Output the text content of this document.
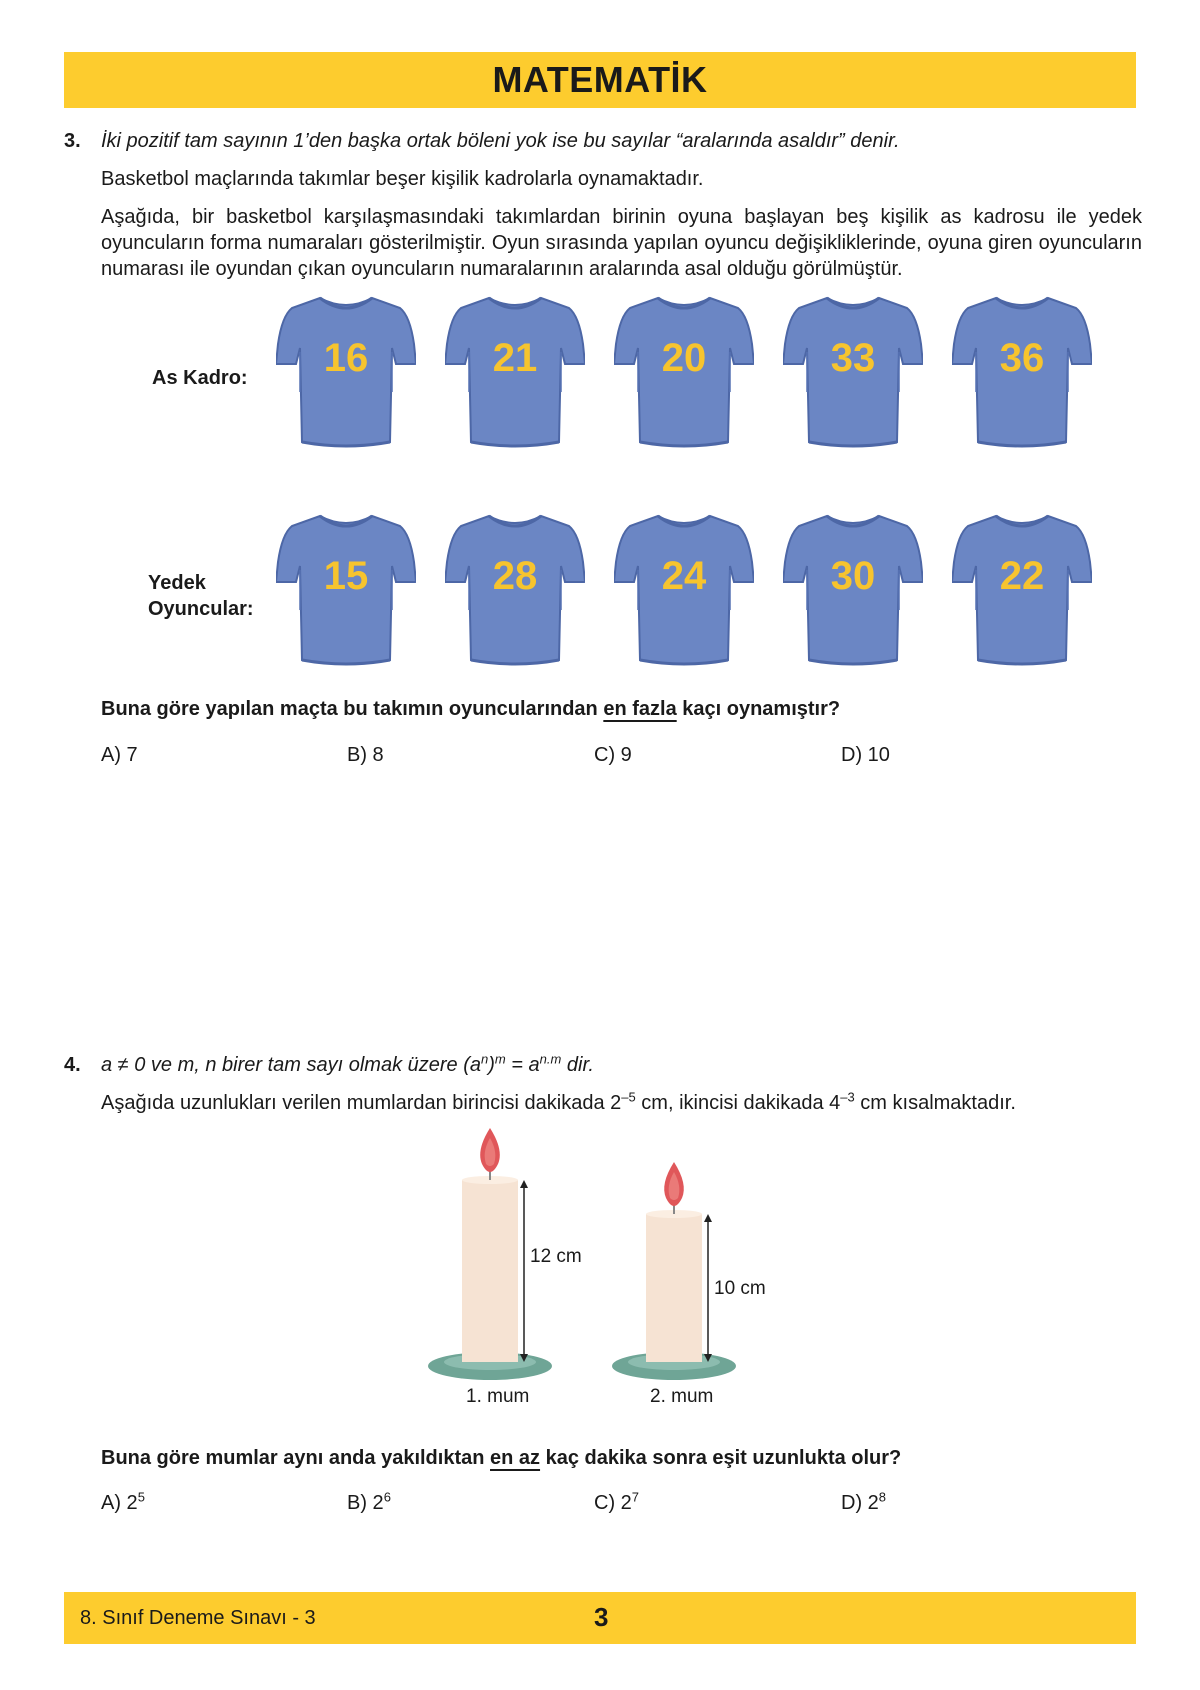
MATEMATİK
3. İki pozitif tam sayının 1’den başka ortak böleni yok ise bu sayılar “aralarında asaldır” denir.

Basketbol maçlarında takımlar beşer kişilik kadrolarla oynamaktadır.

Aşağıda, bir basketbol karşılaşmasındaki takımlardan birinin oyuna başlayan beş kişilik as kadrosu ile yedek oyuncuların forma numaraları gösterilmiştir. Oyun sırasında yapılan oyuncu değişikliklerinde, oyuna giren oyuncuların numarası ile oyundan çıkan oyuncuların numaralarının aralarında asal olduğu görülmüştür.

As Kadro:
Yedek
Oyuncular:
16	21	20	33	36
15	28	24	30	22
Buna göre yapılan maçta bu takımın oyuncularından en fazla kaçı oynamıştır?
A) 7	B) 8	C) 9	D) 10
4. a ≠ 0 ve m, n birer tam sayı olmak üzere $(a^n)^m = a^{n.m}$ dir.

Aşağıda uzunlukları verilen mumlardan birincisi dakikada $2^{-5}$ cm, ikincisi dakikada $4^{-3}$ cm kısalmaktadır.

12 cm
10 cm
1. mum	2. mum
Buna göre mumlar aynı anda yakıldıktan en az kaç dakika sonra eşit uzunlukta olur?
A) $2^5$	B) $2^6$	C) $2^7$	D) $2^8$
8. Sınıf Deneme Sınavı - 3	3
